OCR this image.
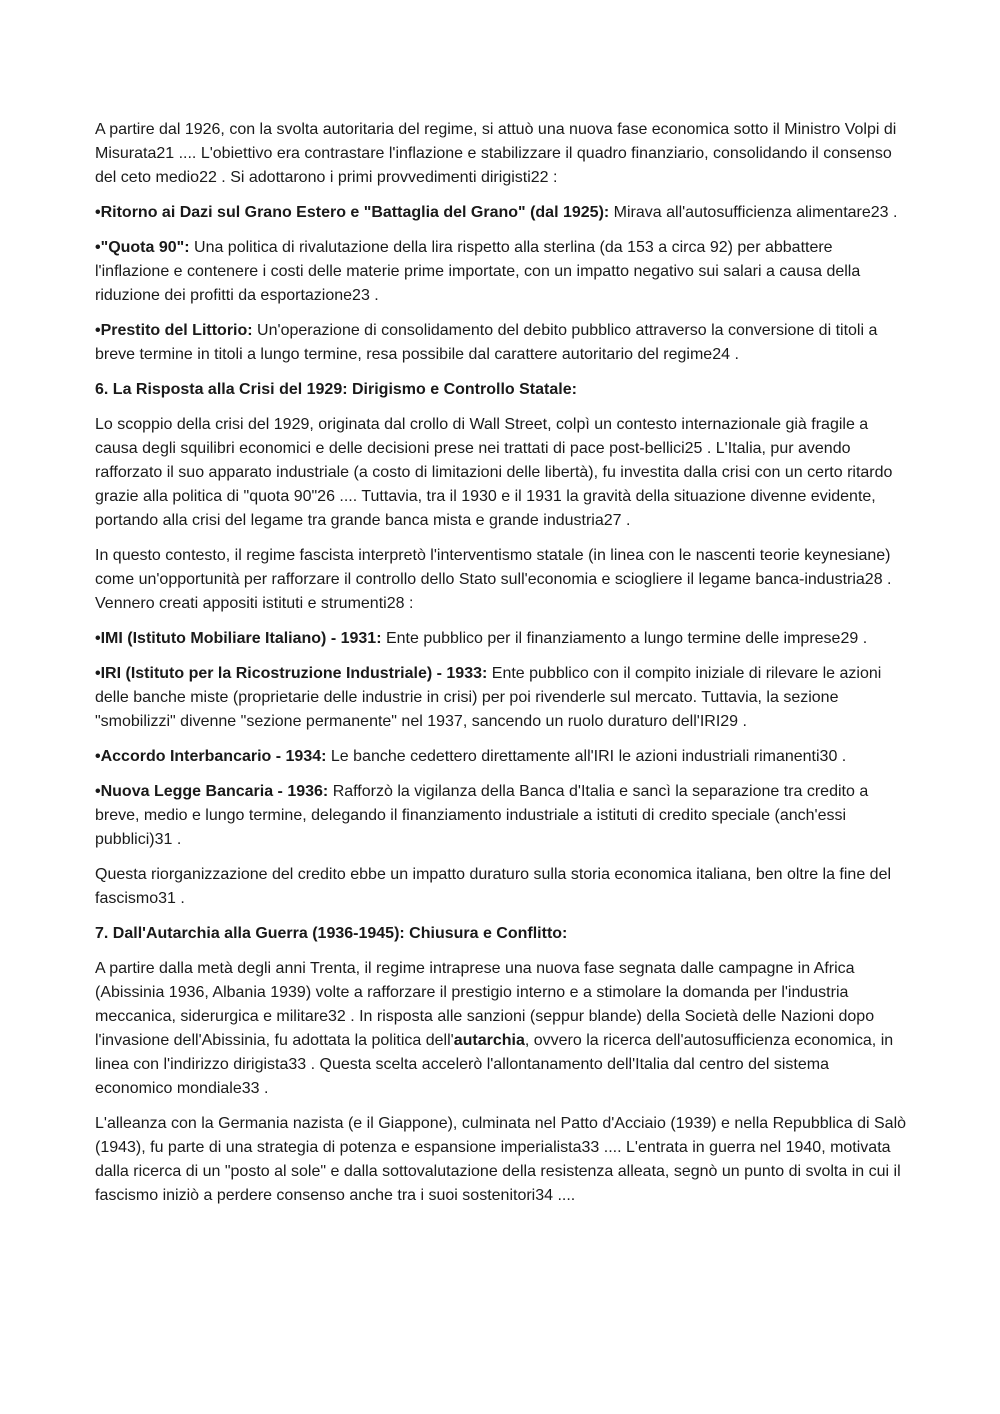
A partire dal 1926, con la svolta autoritaria del regime, si attuò una nuova fase economica sotto il Ministro Volpi di Misurata21 .... L'obiettivo era contrastare l'inflazione e stabilizzare il quadro finanziario, consolidando il consenso del ceto medio22 . Si adottarono i primi provvedimenti dirigisti22 :

•Ritorno ai Dazi sul Grano Estero e "Battaglia del Grano" (dal 1925): Mirava all'autosufficienza alimentare23 .

•"Quota 90": Una politica di rivalutazione della lira rispetto alla sterlina (da 153 a circa 92) per abbattere l'inflazione e contenere i costi delle materie prime importate, con un impatto negativo sui salari a causa della riduzione dei profitti da esportazione23 .

•Prestito del Littorio: Un'operazione di consolidamento del debito pubblico attraverso la conversione di titoli a breve termine in titoli a lungo termine, resa possibile dal carattere autoritario del regime24 .

6. La Risposta alla Crisi del 1929: Dirigismo e Controllo Statale:

Lo scoppio della crisi del 1929, originata dal crollo di Wall Street, colpì un contesto internazionale già fragile a causa degli squilibri economici e delle decisioni prese nei trattati di pace post-bellici25 . L'Italia, pur avendo rafforzato il suo apparato industriale (a costo di limitazioni delle libertà), fu investita dalla crisi con un certo ritardo grazie alla politica di "quota 90"26 .... Tuttavia, tra il 1930 e il 1931 la gravità della situazione divenne evidente, portando alla crisi del legame tra grande banca mista e grande industria27 .

In questo contesto, il regime fascista interpretò l'interventismo statale (in linea con le nascenti teorie keynesiane) come un'opportunità per rafforzare il controllo dello Stato sull'economia e sciogliere il legame banca-industria28 . Vennero creati appositi istituti e strumenti28 :

•IMI (Istituto Mobiliare Italiano) - 1931: Ente pubblico per il finanziamento a lungo termine delle imprese29 .

•IRI (Istituto per la Ricostruzione Industriale) - 1933: Ente pubblico con il compito iniziale di rilevare le azioni delle banche miste (proprietarie delle industrie in crisi) per poi rivenderle sul mercato. Tuttavia, la sezione "smobilizzi" divenne "sezione permanente" nel 1937, sancendo un ruolo duraturo dell'IRI29 .

•Accordo Interbancario - 1934: Le banche cedettero direttamente all'IRI le azioni industriali rimanenti30 .

•Nuova Legge Bancaria - 1936: Rafforzò la vigilanza della Banca d'Italia e sancì la separazione tra credito a breve, medio e lungo termine, delegando il finanziamento industriale a istituti di credito speciale (anch'essi pubblici)31 .

Questa riorganizzazione del credito ebbe un impatto duraturo sulla storia economica italiana, ben oltre la fine del fascismo31 .

7. Dall'Autarchia alla Guerra (1936-1945): Chiusura e Conflitto:

A partire dalla metà degli anni Trenta, il regime intraprese una nuova fase segnata dalle campagne in Africa (Abissinia 1936, Albania 1939) volte a rafforzare il prestigio interno e a stimolare la domanda per l'industria meccanica, siderurgica e militare32 . In risposta alle sanzioni (seppur blande) della Società delle Nazioni dopo l'invasione dell'Abissinia, fu adottata la politica dell'autarchia, ovvero la ricerca dell'autosufficienza economica, in linea con l'indirizzo dirigista33 . Questa scelta accelerò l'allontanamento dell'Italia dal centro del sistema economico mondiale33 .

L'alleanza con la Germania nazista (e il Giappone), culminata nel Patto d'Acciaio (1939) e nella Repubblica di Salò (1943), fu parte di una strategia di potenza e espansione imperialista33 .... L'entrata in guerra nel 1940, motivata dalla ricerca di un "posto al sole" e dalla sottovalutazione della resistenza alleata, segnò un punto di svolta in cui il fascismo iniziò a perdere consenso anche tra i suoi sostenitori34 ....
